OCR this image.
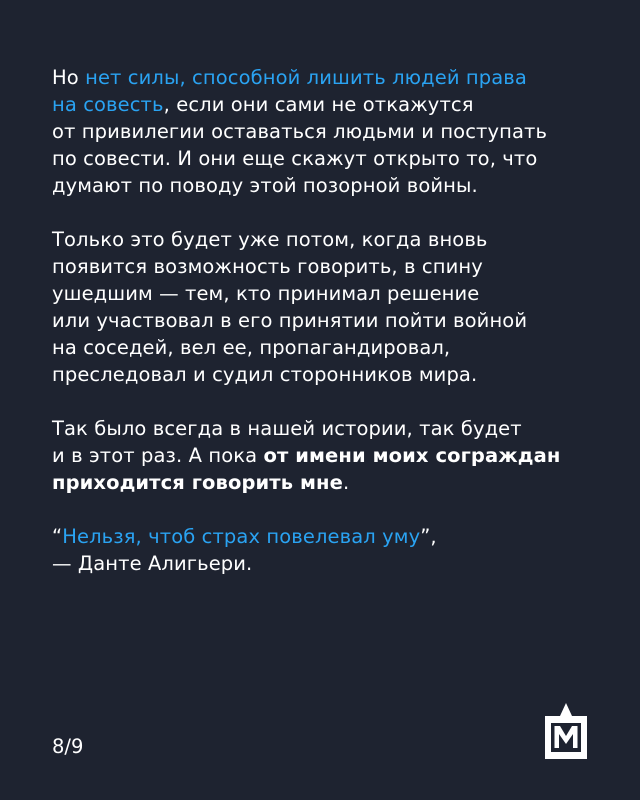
Но нет силы, способной лишить людей права
на совесть, если они сами не откажутся
от привилегии оставаться людьми и поступать
по совести. И они еще скажут открыто то, что
думают по поводу этой позорной войны.

Только это будет уже потом, когда вновь
появится возможность говорить, в спину
ушедшим — тем, кто принимал решение
или участвовал в его принятии пойти войной
на соседей, вел ее, пропагандировал,
преследовал и судил сторонников мира.

Так было всегда в нашей истории, так будет
и в этот раз. А пока от имени моих сограждан
приходится говорить мне.

“Нельзя, чтоб страх повелевал уму”,
— Данте Алигьери.

8/9
